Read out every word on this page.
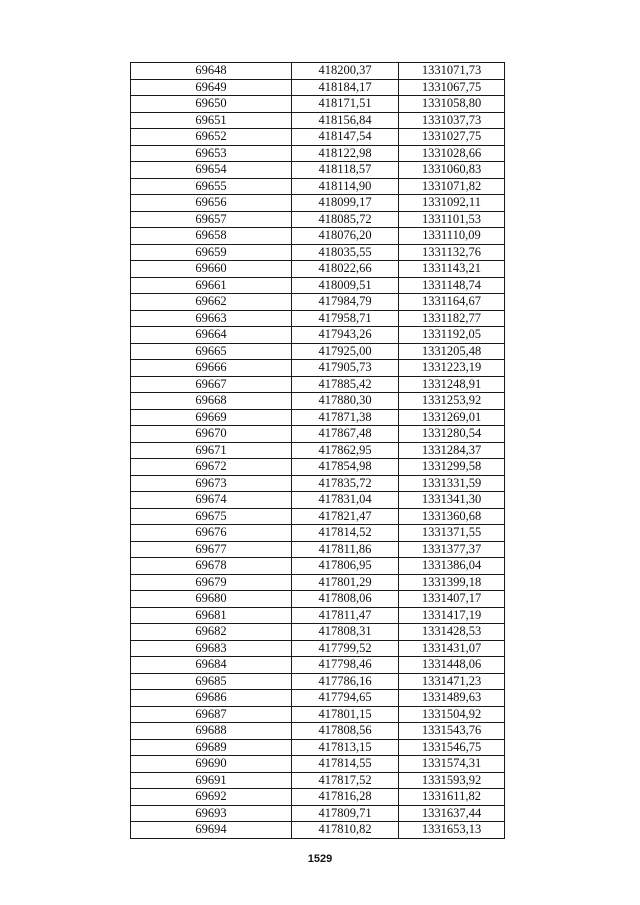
69648	418200,37	1331071,73
69649	418184,17	1331067,75
69650	418171,51	1331058,80
69651	418156,84	1331037,73
69652	418147,54	1331027,75
69653	418122,98	1331028,66
69654	418118,57	1331060,83
69655	418114,90	1331071,82
69656	418099,17	1331092,11
69657	418085,72	1331101,53
69658	418076,20	1331110,09
69659	418035,55	1331132,76
69660	418022,66	1331143,21
69661	418009,51	1331148,74
69662	417984,79	1331164,67
69663	417958,71	1331182,77
69664	417943,26	1331192,05
69665	417925,00	1331205,48
69666	417905,73	1331223,19
69667	417885,42	1331248,91
69668	417880,30	1331253,92
69669	417871,38	1331269,01
69670	417867,48	1331280,54
69671	417862,95	1331284,37
69672	417854,98	1331299,58
69673	417835,72	1331331,59
69674	417831,04	1331341,30
69675	417821,47	1331360,68
69676	417814,52	1331371,55
69677	417811,86	1331377,37
69678	417806,95	1331386,04
69679	417801,29	1331399,18
69680	417808,06	1331407,17
69681	417811,47	1331417,19
69682	417808,31	1331428,53
69683	417799,52	1331431,07
69684	417798,46	1331448,06
69685	417786,16	1331471,23
69686	417794,65	1331489,63
69687	417801,15	1331504,92
69688	417808,56	1331543,76
69689	417813,15	1331546,75
69690	417814,55	1331574,31
69691	417817,52	1331593,92
69692	417816,28	1331611,82
69693	417809,71	1331637,44
69694	417810,82	1331653,13
1529
